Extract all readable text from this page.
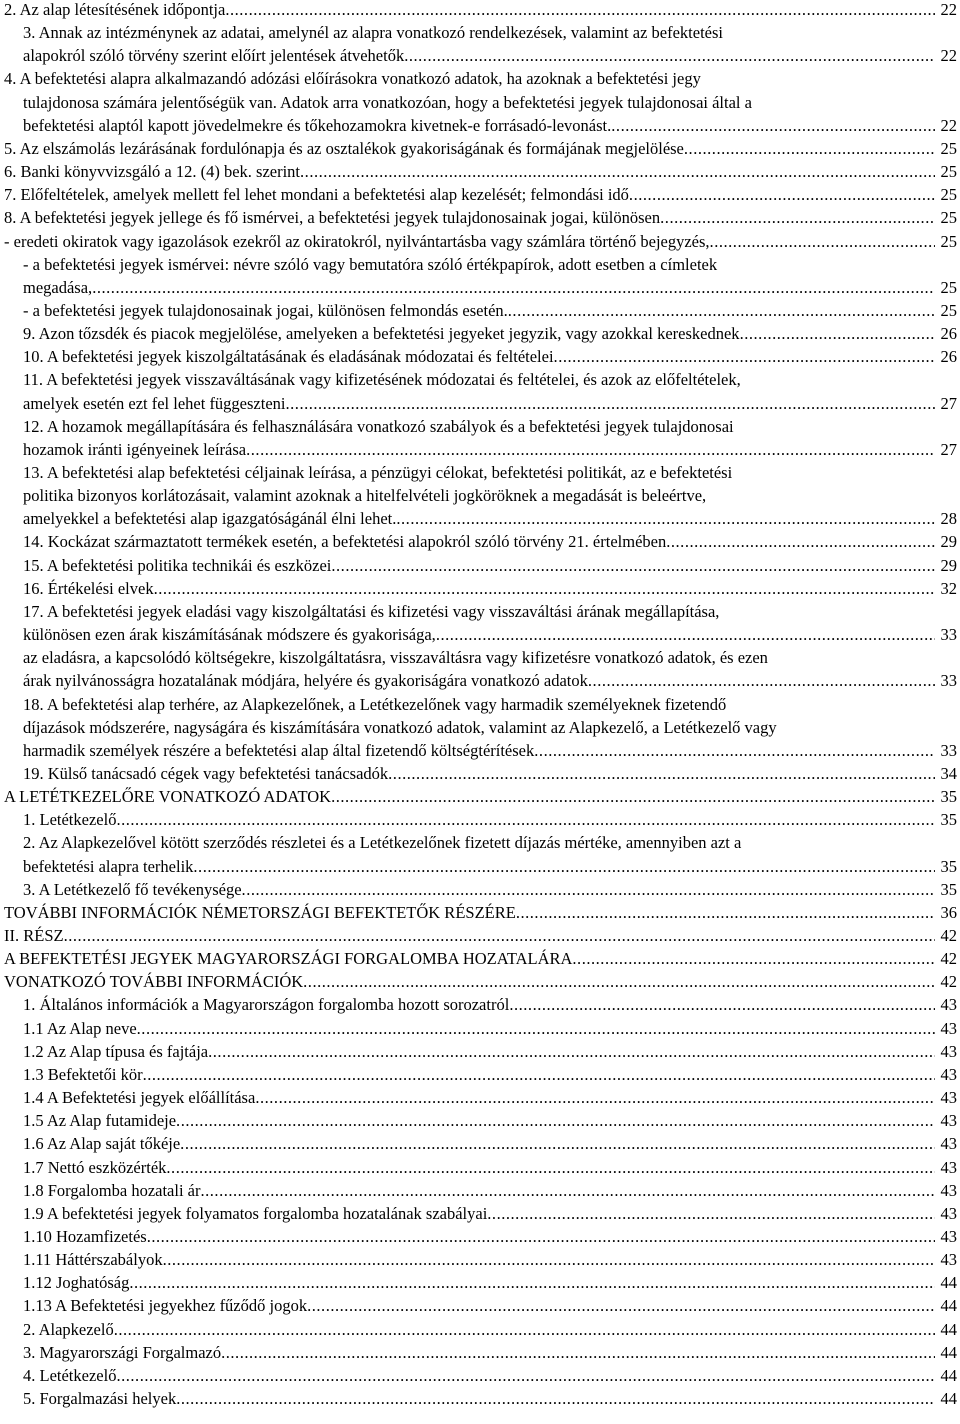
2. Az alap létesítésének időpontja . . .	22
3. Annak az intézménynek az adatai, amelynél az alapra vonatkozó rendelkezések, valamint az befektetési
alapokról szóló törvény szerint előírt jelentések átvehetők . . .	22
4. A befektetési alapra alkalmazandó adózási előírásokra vonatkozó adatok, ha azoknak a befektetési jegy
tulajdonosa számára jelentőségük van. Adatok arra vonatkozóan, hogy a befektetési jegyek tulajdonosai által a
befektetési alaptól kapott jövedelmekre és tőkehozamokra kivetnek-e forrásadó-levonást. . . .	22
5. Az elszámolás lezárásának fordulónapja és az osztalékok gyakoriságának és formájának megjelölése . . .	25
6. Banki könyvvizsgáló a 12. (4) bek. szerint . . .	25
7. Előfeltételek, amelyek mellett fel lehet mondani a befektetési alap kezelését; felmondási idő . . .	25
8. A befektetési jegyek jellege és fő ismérvei, a befektetési jegyek tulajdonosainak jogai, különösen . . .	25
- eredeti okiratok vagy igazolások ezekről az okiratokról, nyilvántartásba vagy számlára történő bejegyzés, . . .	25
- a befektetési jegyek ismérvei: névre szóló vagy bemutatóra szóló értékpapírok, adott esetben a címletek
megadása, . . .	25
- a befektetési jegyek tulajdonosainak jogai, különösen felmondás esetén. . . .	25
9. Azon tőzsdék és piacok megjelölése, amelyeken a befektetési jegyeket jegyzik, vagy azokkal kereskednek . . .	26
10. A befektetési jegyek kiszolgáltatásának és eladásának módozatai és feltételei . . .	26
11. A befektetési jegyek visszaváltásának vagy kifizetésének módozatai és feltételei, és azok az előfeltételek,
amelyek esetén ezt fel lehet függeszteni . . .	27
12. A hozamok megállapítására és felhasználására vonatkozó szabályok és a befektetési jegyek tulajdonosai
hozamok iránti igényeinek leírása . . .	27
13. A befektetési alap befektetési céljainak leírása, a pénzügyi célokat, befektetési politikát, az e befektetési
politika bizonyos korlátozásait, valamint azoknak a hitelfelvételi jogköröknek a megadását is beleértve,
amelyekkel a befektetési alap igazgatóságánál élni lehet. . . .	28
14. Kockázat származtatott termékek esetén, a befektetési alapokról szóló törvény 21. értelmében . . .	29
15. A befektetési politika technikái és eszközei . . .	29
16. Értékelési elvek . . .	32
17. A befektetési jegyek eladási vagy kiszolgáltatási és kifizetési vagy visszaváltási árának megállapítása,
különösen ezen árak kiszámításának módszere és gyakorisága, . . .	33
az eladásra, a kapcsolódó költségekre, kiszolgáltatásra, visszaváltásra vagy kifizetésre vonatkozó adatok, és ezen
árak nyilvánosságra hozatalának módjára, helyére és gyakoriságára vonatkozó adatok . . .	33
18. A befektetési alap terhére, az Alapkezelőnek, a Letétkezelőnek vagy harmadik személyeknek fizetendő
díjazások módszerére, nagyságára és kiszámítására vonatkozó adatok, valamint az Alapkezelő, a Letétkezelő vagy
harmadik személyek részére a befektetési alap által fizetendő költségtérítések . . .	33
19. Külső tanácsadó cégek vagy befektetési tanácsadók . . .	34
A LETÉTKEZELŐRE VONATKOZÓ ADATOK . . .	35
1. Letétkezelő . . .	35
2. Az Alapkezelővel kötött szerződés részletei és a Letétkezelőnek fizetett díjazás mértéke, amennyiben azt a
befektetési alapra terhelik . . .	35
3. A Letétkezelő fő tevékenysége . . .	35
TOVÁBBI INFORMÁCIÓK NÉMETORSZÁGI BEFEKTETŐK RÉSZÉRE . . .	36
II. RÉSZ . . .	42
A BEFEKTETÉSI JEGYEK MAGYARORSZÁGI FORGALOMBA HOZATALÁRA . . .	42
VONATKOZÓ TOVÁBBI INFORMÁCIÓK . . .	42
1. Általános információk a Magyarországon forgalomba hozott sorozatról . . .	43
1.1 Az Alap neve . . .	43
1.2 Az Alap típusa és fajtája . . .	43
1.3 Befektetői kör . . .	43
1.4 A Befektetési jegyek előállítása . . .	43
1.5 Az Alap futamideje . . .	43
1.6 Az Alap saját tőkéje . . .	43
1.7 Nettó eszközérték . . .	43
1.8 Forgalomba hozatali ár . . .	43
1.9 A befektetési jegyek folyamatos forgalomba hozatalának szabályai . . .	43
1.10 Hozamfizetés . . .	43
1.11 Háttérszabályok . . .	43
1.12 Joghatóság . . .	44
1.13 A Befektetési jegyekhez fűződő jogok . . .	44
2. Alapkezelő . . .	44
3. Magyarországi Forgalmazó . . .	44
4. Letétkezelő . . .	44
5. Forgalmazási helyek . . .	44
